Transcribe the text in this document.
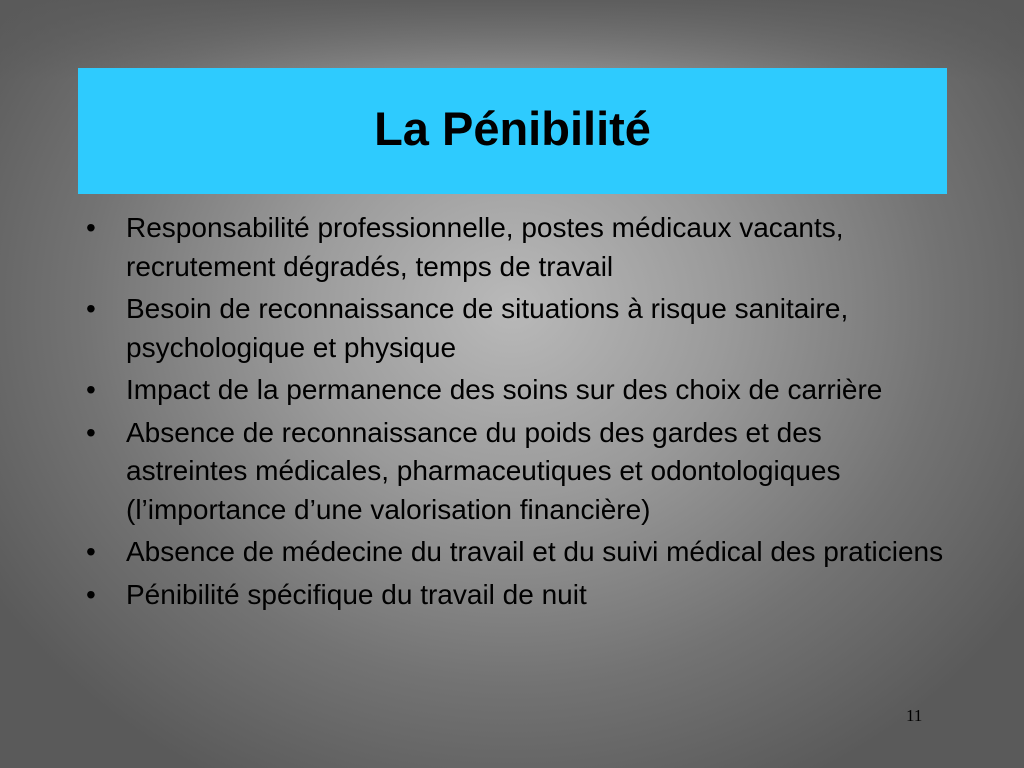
La Pénibilité
•	Responsabilité professionnelle, postes médicaux vacants, recrutement dégradés, temps de travail
•	Besoin de reconnaissance de situations à risque sanitaire, psychologique et physique
•	Impact de la permanence des soins sur des choix de carrière
•	Absence de reconnaissance du poids des gardes et des astreintes médicales, pharmaceutiques et odontologiques (l’importance d’une valorisation financière)
•	Absence de médecine du travail et du suivi médical des praticiens
•	Pénibilité spécifique du travail de nuit
11
